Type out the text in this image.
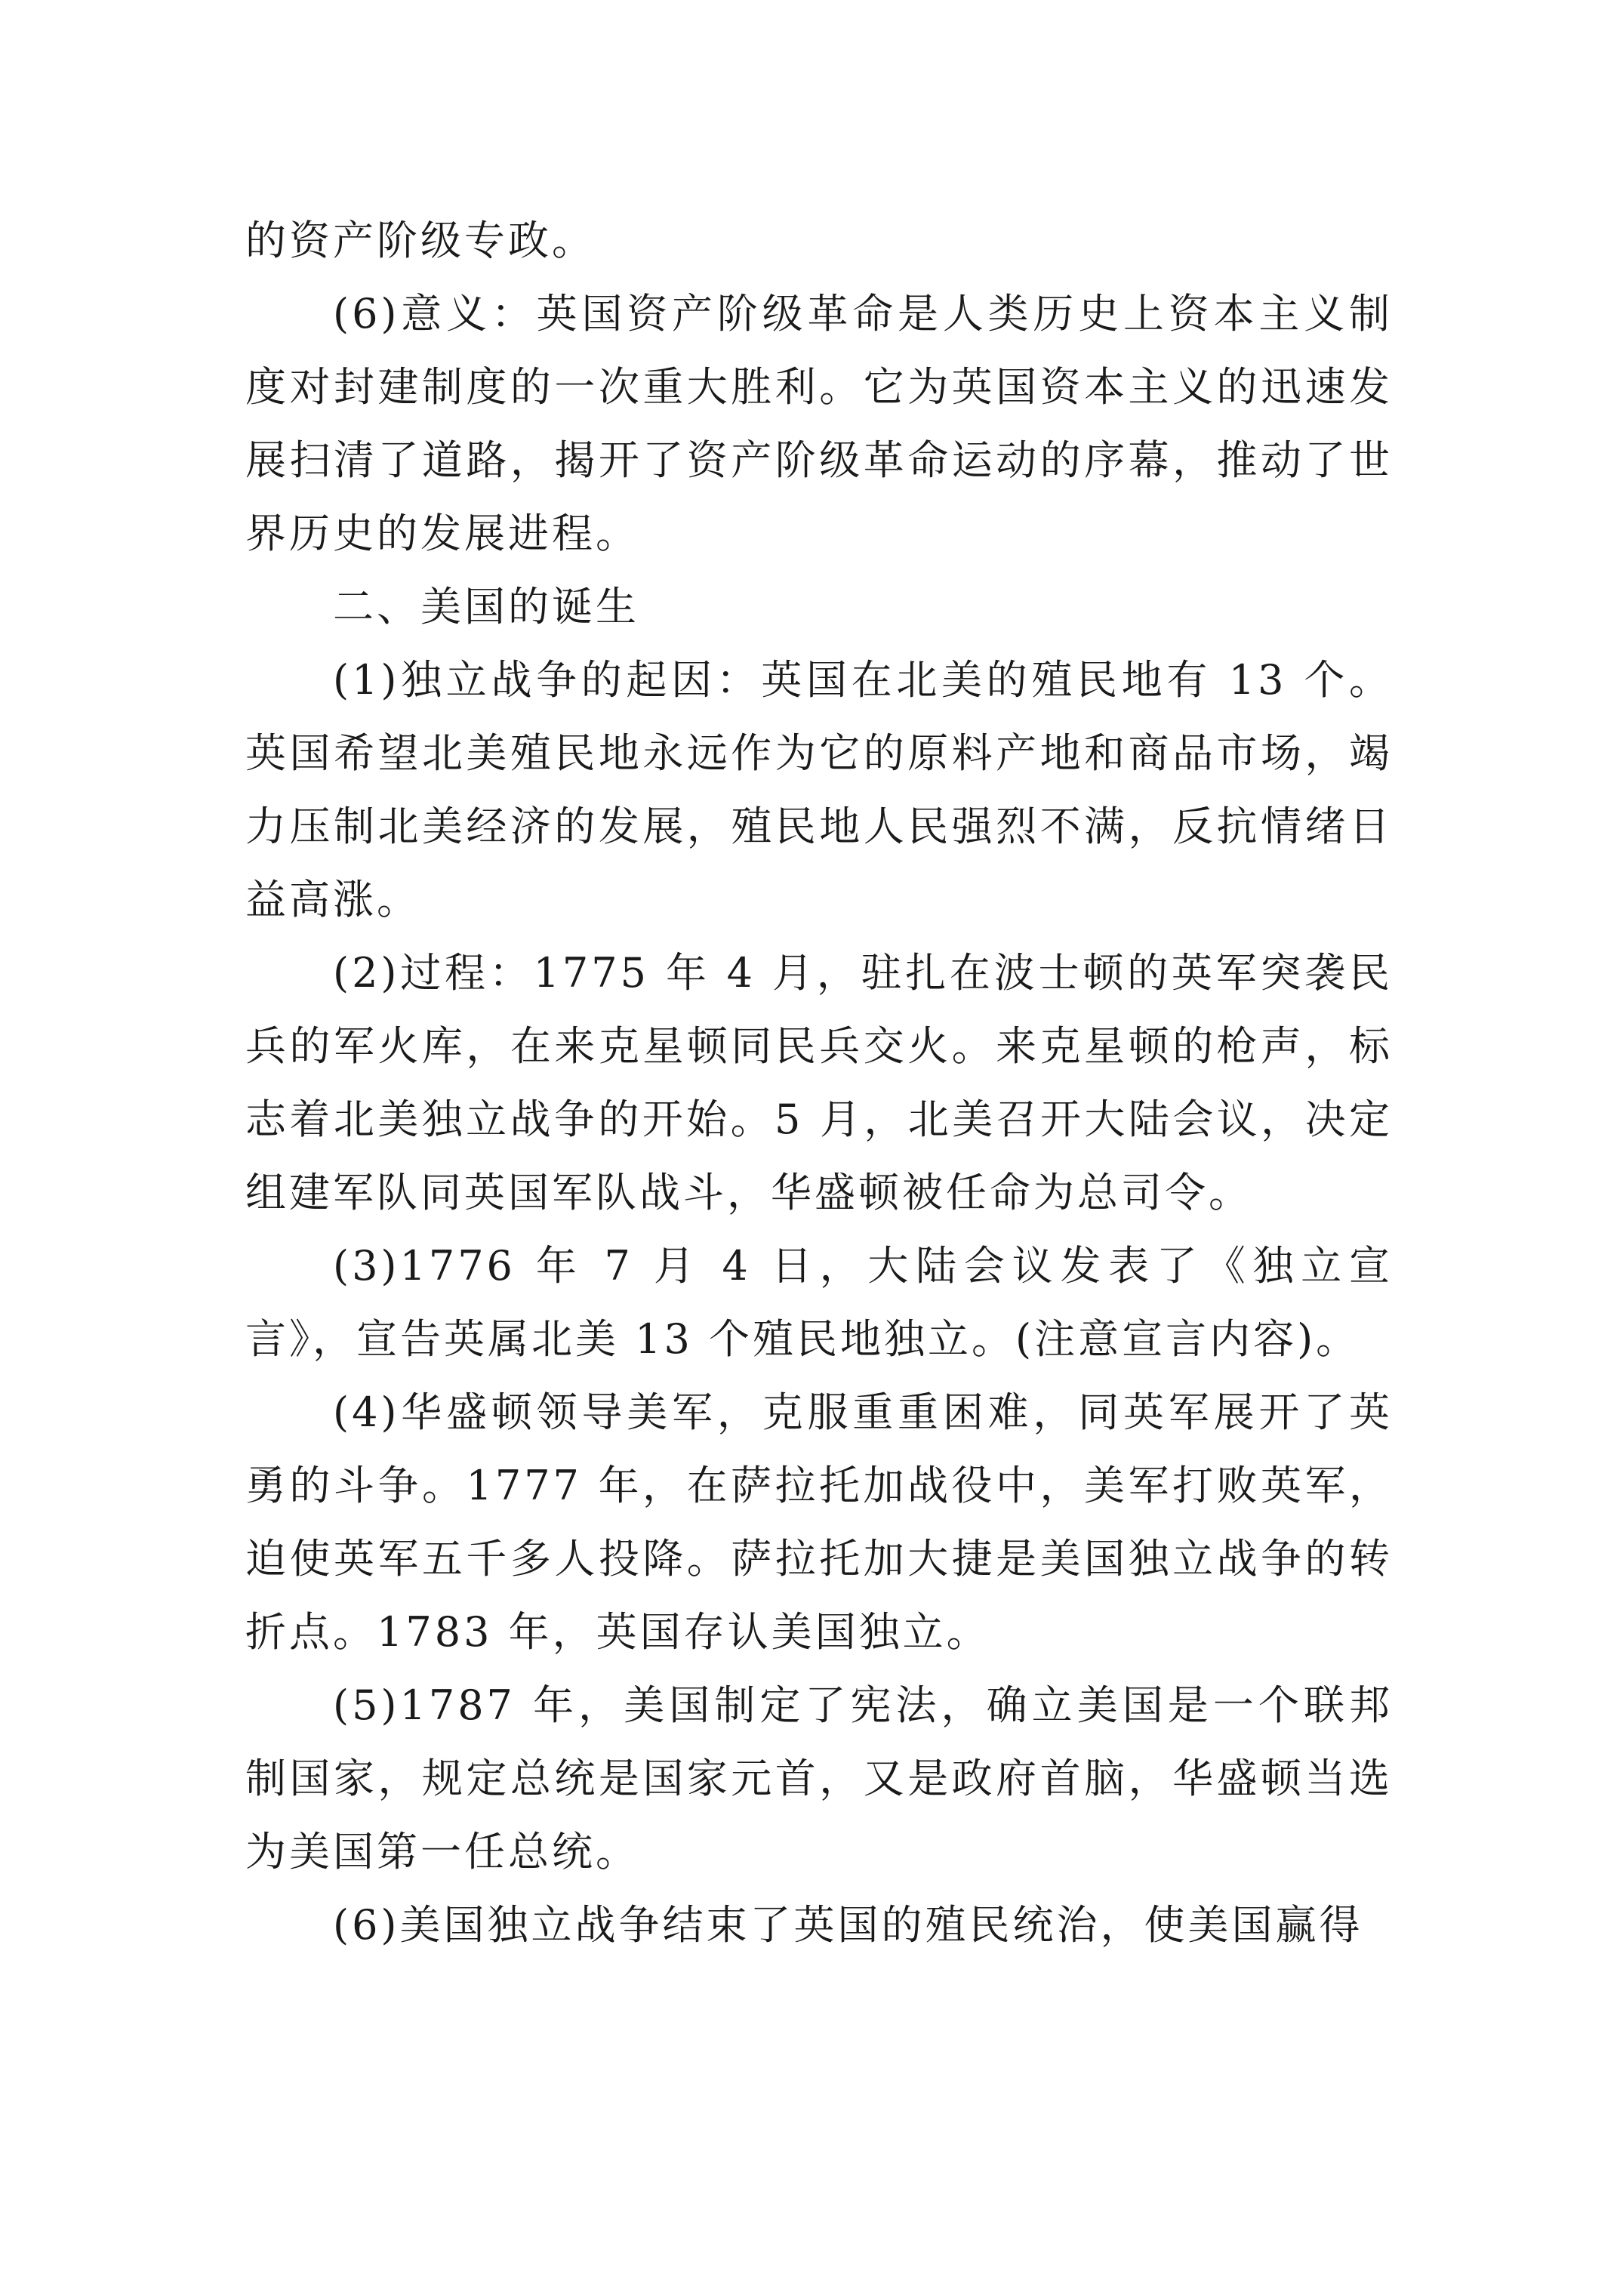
的资产阶级专政。

(6)意义：英国资产阶级革命是人类历史上资本主义制度对封建制度的一次重大胜利。它为英国资本主义的迅速发展扫清了道路，揭开了资产阶级革命运动的序幕，推动了世界历史的发展进程。

二、美国的诞生

(1)独立战争的起因：英国在北美的殖民地有 13 个。英国希望北美殖民地永远作为它的原料产地和商品市场，竭力压制北美经济的发展，殖民地人民强烈不满，反抗情绪日益高涨。

(2)过程：1775 年 4 月，驻扎在波士顿的英军突袭民兵的军火库，在来克星顿同民兵交火。来克星顿的枪声，标志着北美独立战争的开始。5 月，北美召开大陆会议，决定组建军队同英国军队战斗，华盛顿被任命为总司令。

(3)1776 年 7 月 4 日，大陆会议发表了《独立宣言》，宣告英属北美 13 个殖民地独立。(注意宣言内容)。

(4)华盛顿领导美军，克服重重困难，同英军展开了英勇的斗争。1777 年，在萨拉托加战役中，美军打败英军，迫使英军五千多人投降。萨拉托加大捷是美国独立战争的转折点。1783 年，英国存认美国独立。

(5)1787 年，美国制定了宪法，确立美国是一个联邦制国家，规定总统是国家元首，又是政府首脑，华盛顿当选为美国第一任总统。

(6)美国独立战争结束了英国的殖民统治，使美国赢得
